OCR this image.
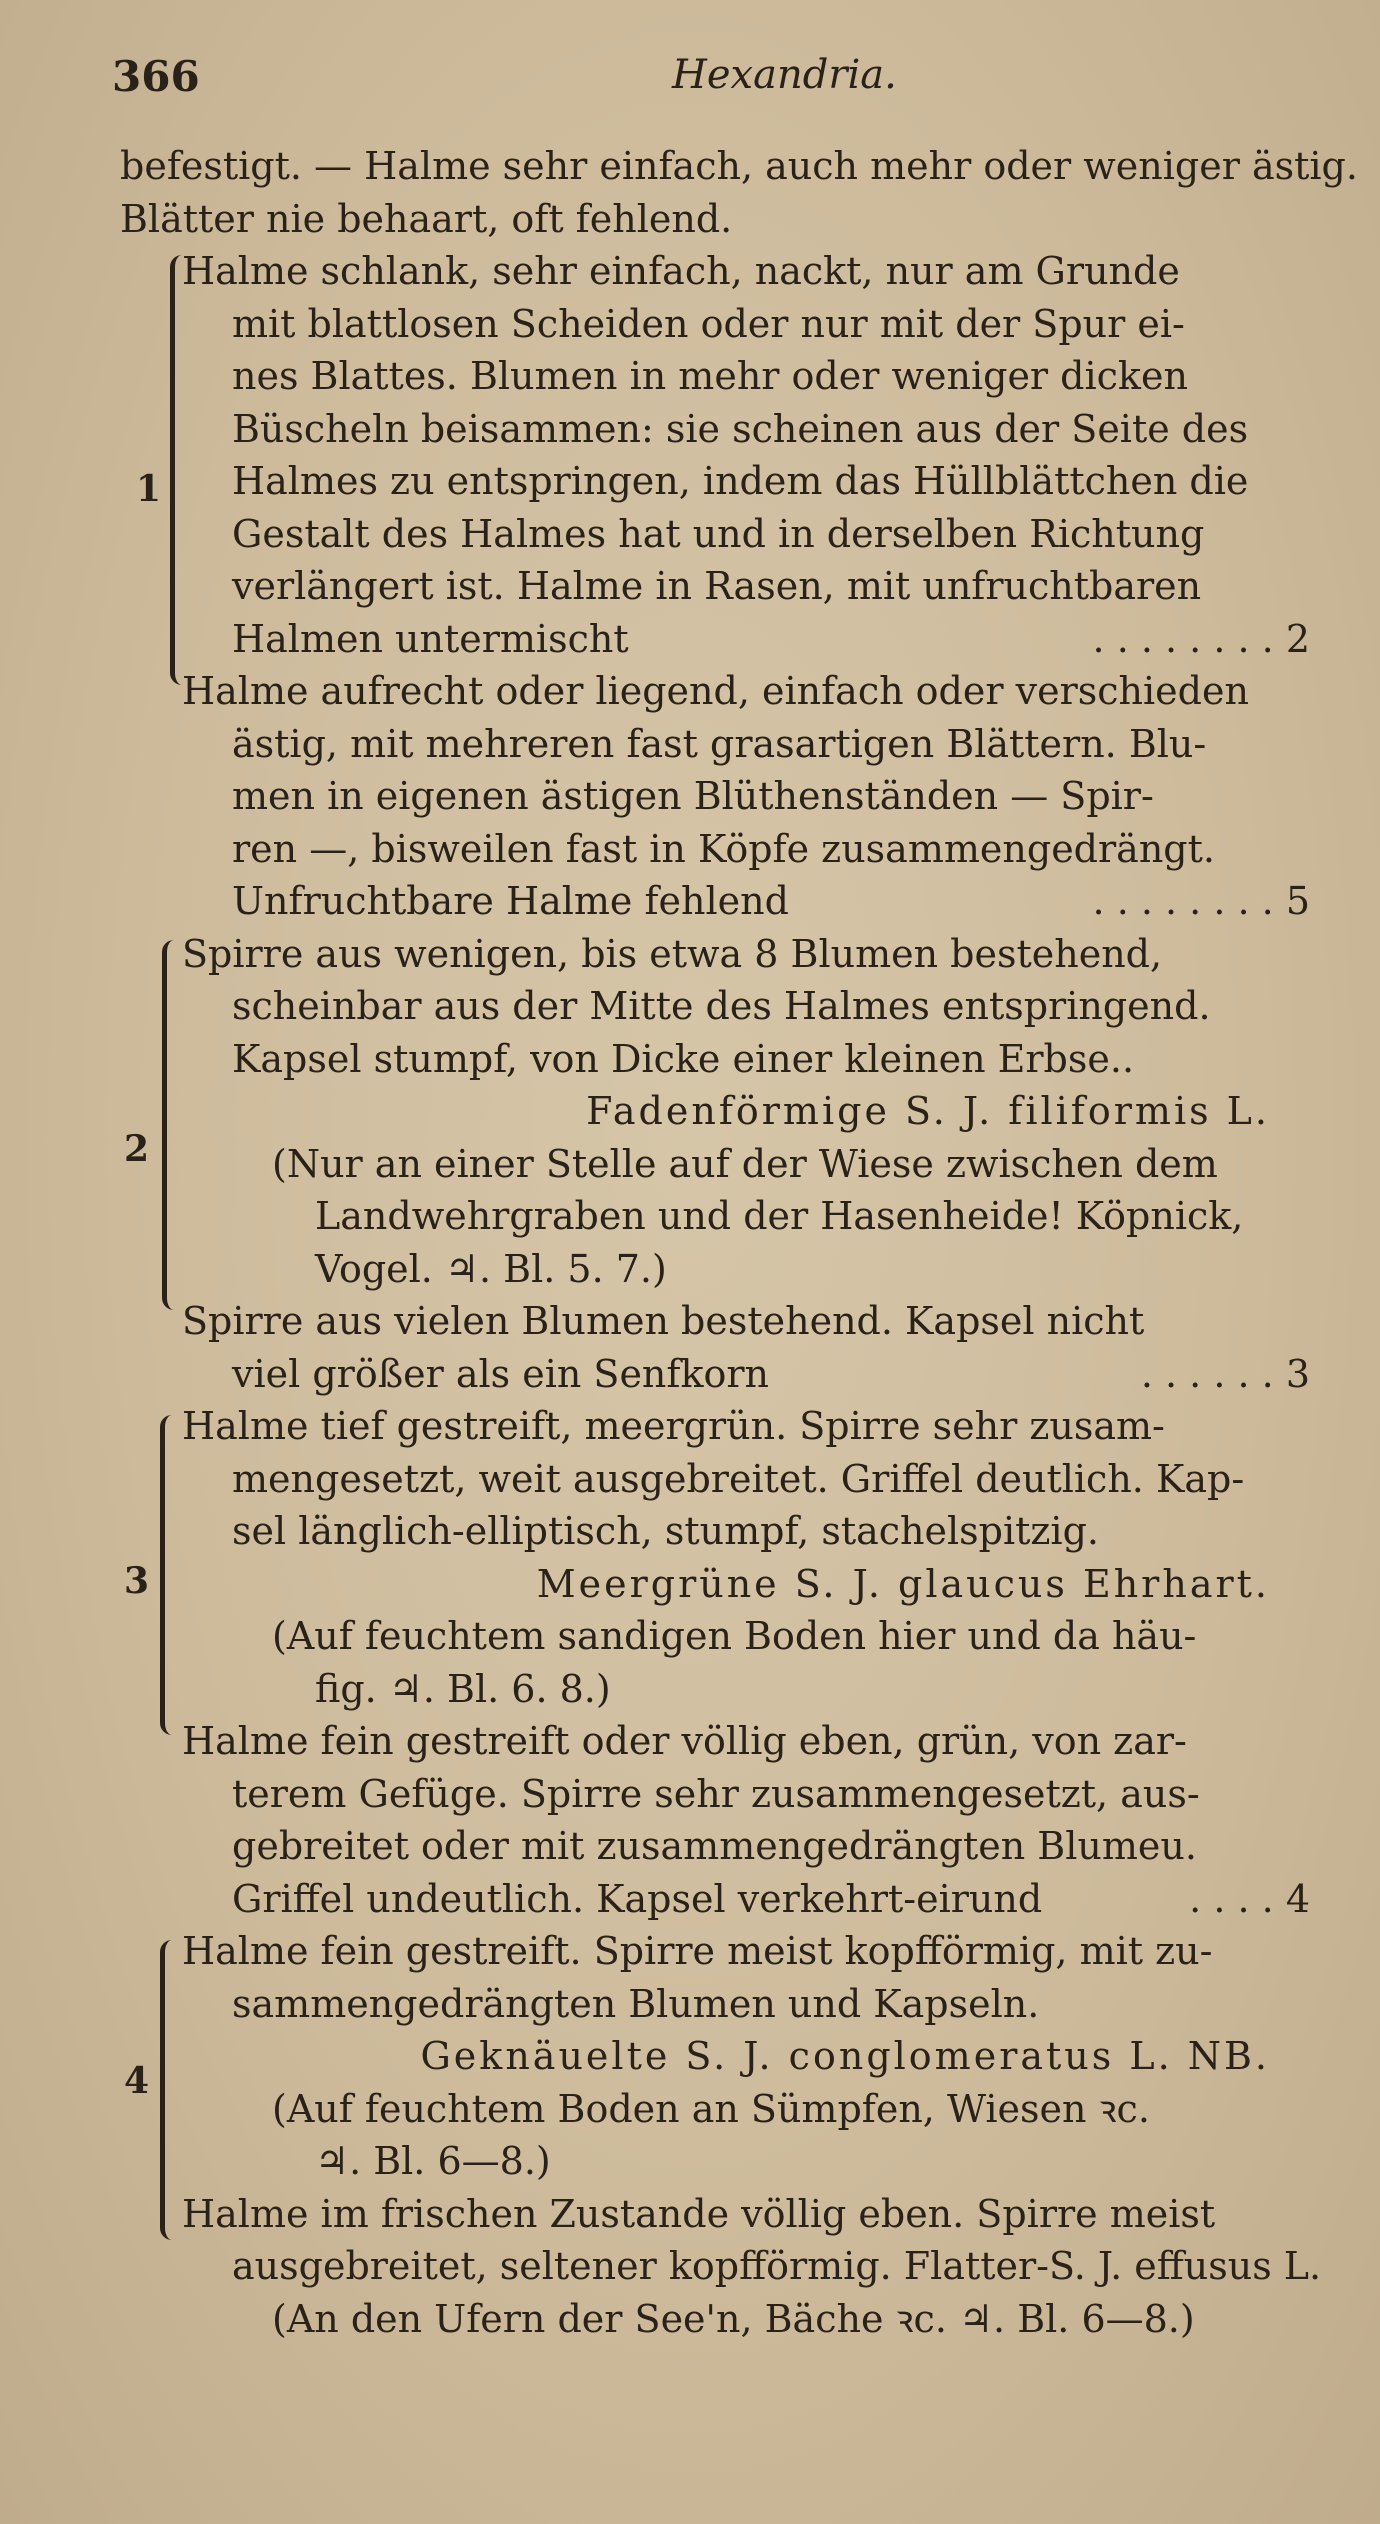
366	Hexandria.
1
2
3
4
befestigt. — Halme sehr einfach, auch mehr oder weniger ästig.
Blätter nie behaart, oft fehlend.
Halme schlank, sehr einfach, nackt, nur am Grunde
mit blattlosen Scheiden oder nur mit der Spur ei-
nes Blattes. Blumen in mehr oder weniger dicken
Büscheln beisammen: sie scheinen aus der Seite des
Halmes zu entspringen, indem das Hüllblättchen die
Gestalt des Halmes hat und in derselben Richtung
verlängert ist. Halme in Rasen, mit unfruchtbaren
Halmen untermischt	. . . . . . . . 2
Halme aufrecht oder liegend, einfach oder verschieden
ästig, mit mehreren fast grasartigen Blättern. Blu-
men in eigenen ästigen Blüthenständen — Spir-
ren —, bisweilen fast in Köpfe zusammengedrängt.
Unfruchtbare Halme fehlend	. . . . . . . . 5
Spirre aus wenigen, bis etwa 8 Blumen bestehend,
scheinbar aus der Mitte des Halmes entspringend.
Kapsel stumpf, von Dicke einer kleinen Erbse..
Fadenförmige S. J. filiformis L.
(Nur an einer Stelle auf der Wiese zwischen dem
Landwehrgraben und der Hasenheide! Köpnick,
Vogel. ♃. Bl. 5. 7.)
Spirre aus vielen Blumen bestehend. Kapsel nicht
viel größer als ein Senfkorn	. . . . . . 3
Halme tief gestreift, meergrün. Spirre sehr zusam-
mengesetzt, weit ausgebreitet. Griffel deutlich. Kap-
sel länglich-elliptisch, stumpf, stachelspitzig.
Meergrüne S. J. glaucus Ehrhart.
(Auf feuchtem sandigen Boden hier und da häu-
fig. ♃. Bl. 6. 8.)
Halme fein gestreift oder völlig eben, grün, von zar-
terem Gefüge. Spirre sehr zusammengesetzt, aus-
gebreitet oder mit zusammengedrängten Blumeu.
Griffel undeutlich. Kapsel verkehrt-eirund	. . . . 4
Halme fein gestreift. Spirre meist kopfförmig, mit zu-
sammengedrängten Blumen und Kapseln.
Geknäuelte S. J. conglomeratus L. NB.
(Auf feuchtem Boden an Sümpfen, Wiesen ꝛc.
♃. Bl. 6—8.)
Halme im frischen Zustande völlig eben. Spirre meist
ausgebreitet, seltener kopfförmig. Flatter-S. J. effusus L.
(An den Ufern der See'n, Bäche ꝛc. ♃. Bl. 6—8.)
